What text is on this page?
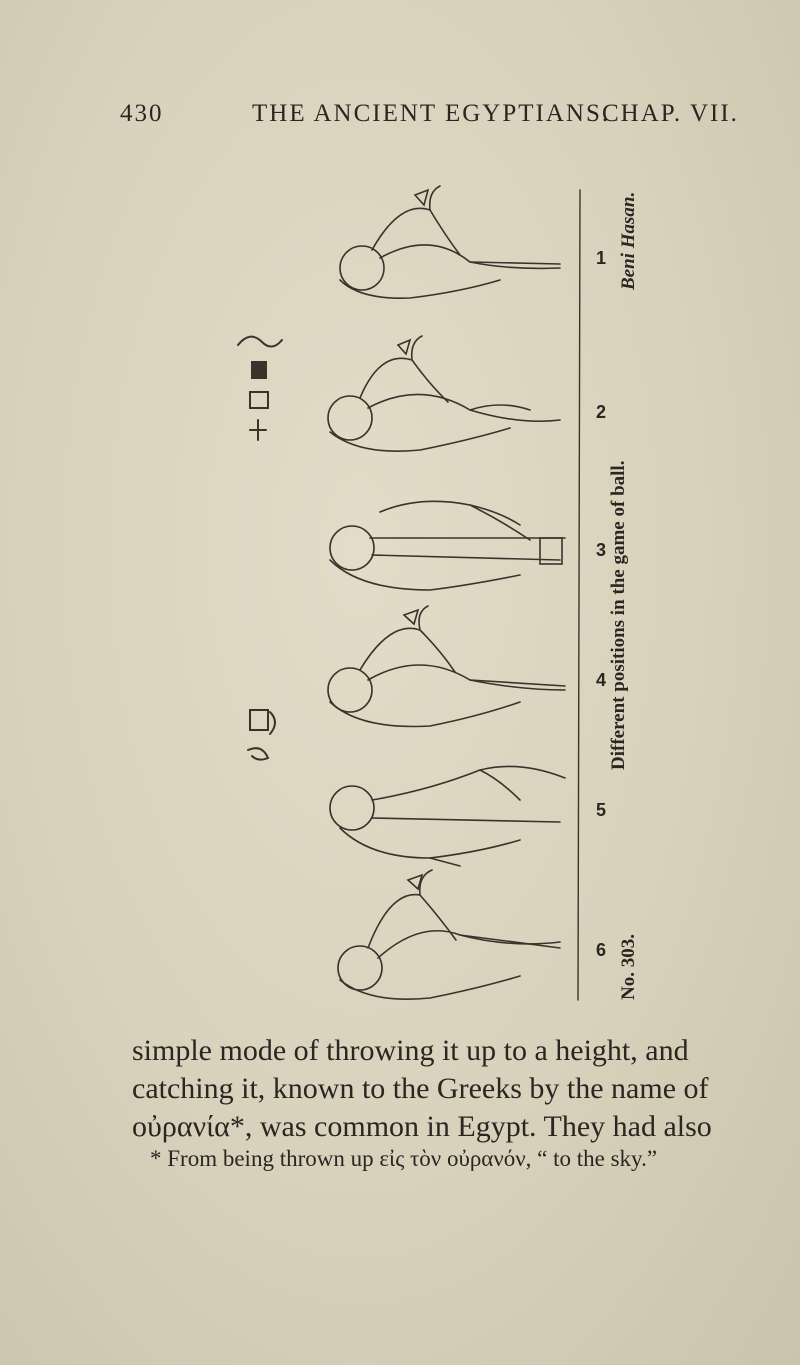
430	THE ANCIENT EGYPTIANS.
CHAP. VII.
1
2
3
4
5
6
Beni Hasan.
Different positions in the game of ball.
No. 303.

simple mode of throwing it up to a height, and

catching it, known to the Greeks by the name of

οὐρανία*, was common in Egypt. They had also

* From being thrown up εἰς τὸν οὐρανόν, “ to the sky.”
